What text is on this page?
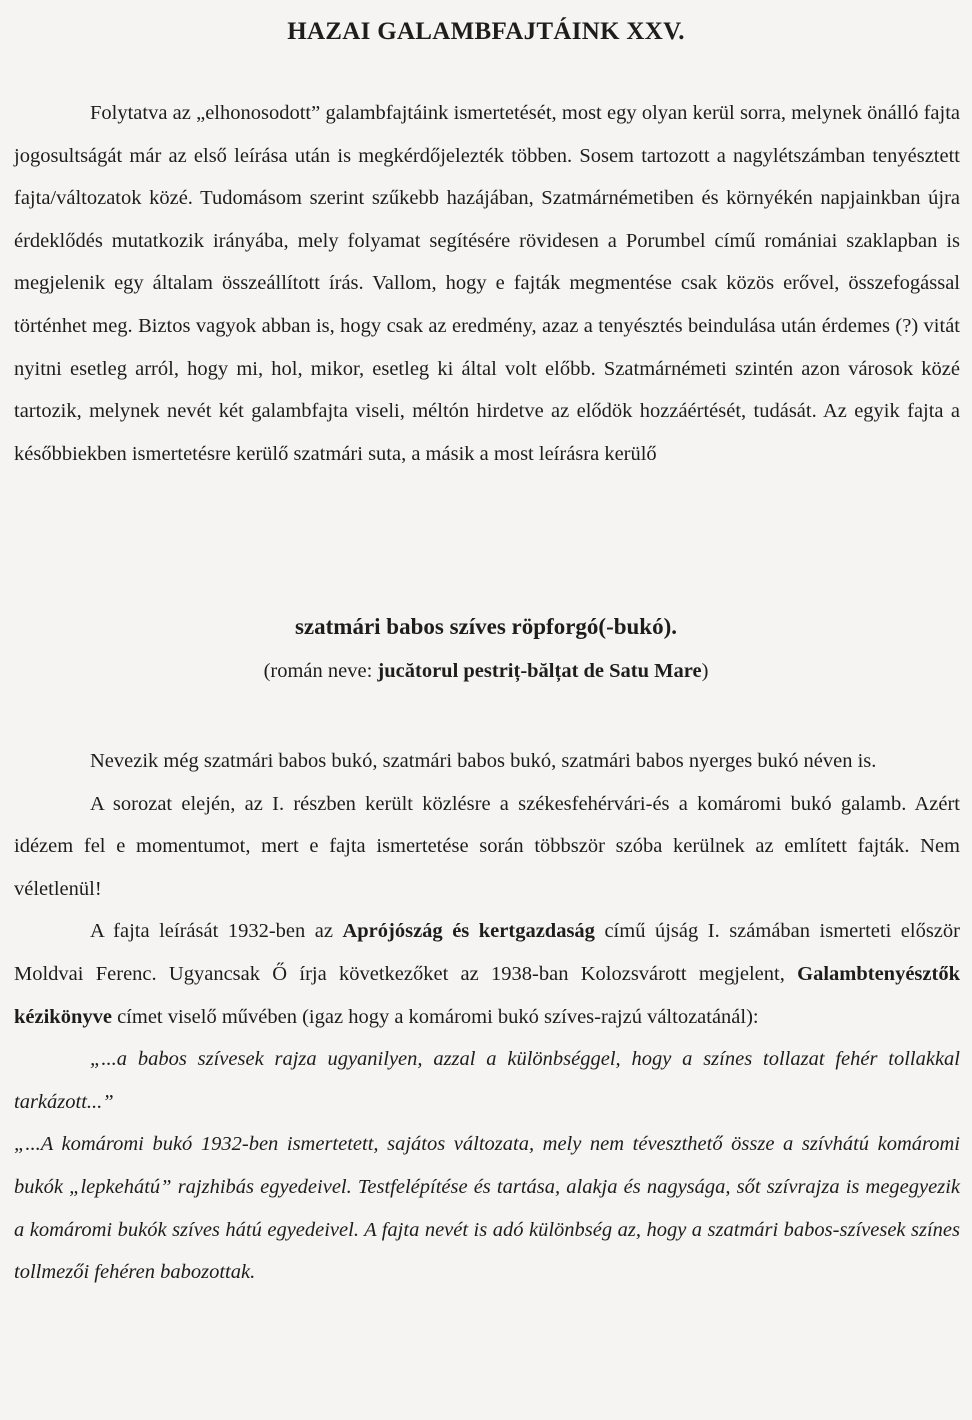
HAZAI GALAMBFAJTÁINK XXV.

Folytatva az „elhonosodott” galambfajtáink ismertetését, most egy olyan kerül sorra, melynek önálló fajta jogosultságát már az első leírása után is megkérdőjelezték többen. Sosem tartozott a nagylétszámban tenyésztett fajta/változatok közé. Tudomásom szerint szűkebb hazájában, Szatmárnémetiben és környékén napjainkban újra érdeklődés mutatkozik irányába, mely folyamat segítésére rövidesen a Porumbel című romániai szaklapban is megjelenik egy általam összeállított írás. Vallom, hogy e fajták megmentése csak közös erővel, összefogással történhet meg. Biztos vagyok abban is, hogy csak az eredmény, azaz a tenyésztés beindulása után érdemes (?) vitát nyitni esetleg arról, hogy mi, hol, mikor, esetleg ki által volt előbb. Szatmárnémeti szintén azon városok közé tartozik, melynek nevét két galambfajta viseli, méltón hirdetve az elődök hozzáértését, tudását. Az egyik fajta a későbbiekben ismertetésre kerülő szatmári suta, a másik a most leírásra kerülő

szatmári babos szíves röpforgó(-bukó).
(román neve: jucătorul pestriț-bălțat de Satu Mare)

Nevezik még szatmári babos bukó, szatmári babos bukó, szatmári babos nyerges bukó néven is.

A sorozat elején, az I. részben került közlésre a székesfehérvári-és a komáromi bukó galamb. Azért idézem fel e momentumot, mert e fajta ismertetése során többször szóba kerülnek az említett fajták. Nem véletlenül!

A fajta leírását 1932-ben az Aprójószág és kertgazdaság című újság I. számában ismerteti először Moldvai Ferenc. Ugyancsak Ő írja következőket az 1938-ban Kolozsvárott megjelent, Galambtenyésztők kézikönyve címet viselő művében (igaz hogy a komáromi bukó szíves-rajzú változatánál):

„...a babos szívesek rajza ugyanilyen, azzal a különbséggel, hogy a színes tollazat fehér tollakkal tarkázott...”

„...A komáromi bukó 1932-ben ismertetett, sajátos változata, mely nem téveszthető össze a szívhátú komáromi bukók „lepkehátú” rajzhibás egyedeivel. Testfelépítése és tartása, alakja és nagysága, sőt szívrajza is megegyezik a komáromi bukók szíves hátú egyedeivel. A fajta nevét is adó különbség az, hogy a szatmári babos-szívesek színes tollmezői fehéren babozottak.
